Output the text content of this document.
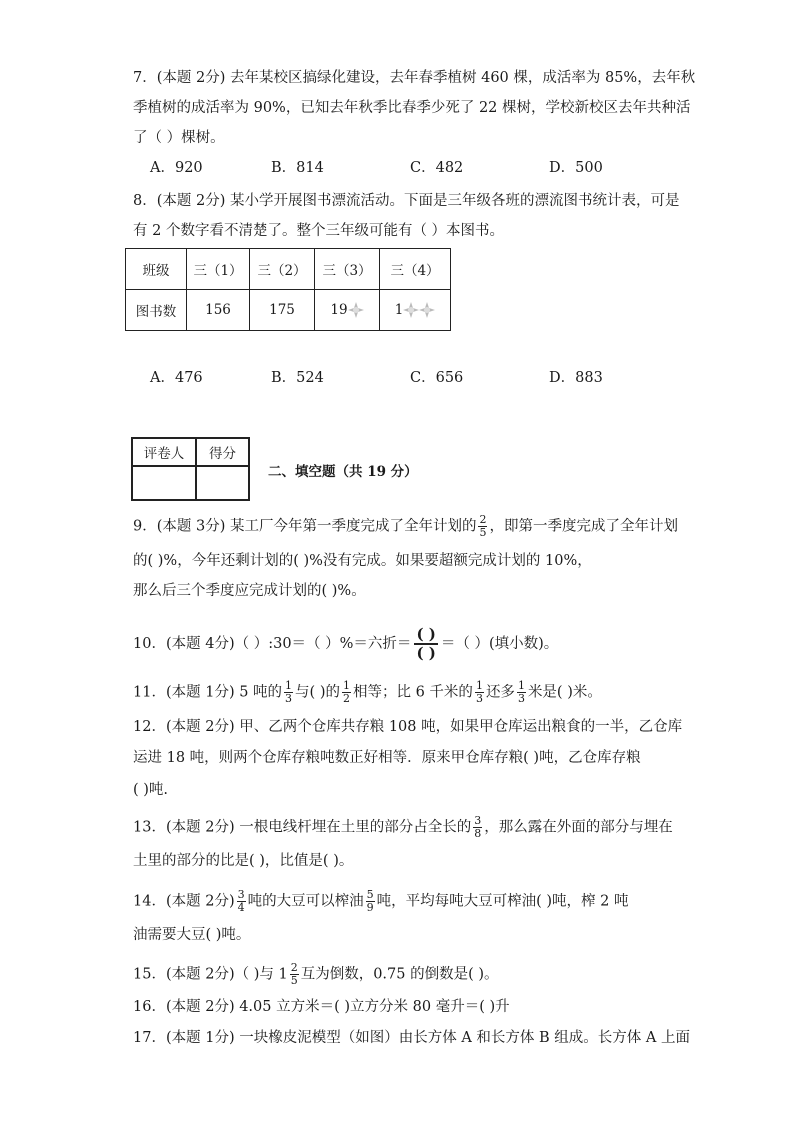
7．(本题 2分) 去年某校区搞绿化建设，去年春季植树 460 棵，成活率为 85%，去年秋
季植树的成活率为 90%，已知去年秋季比春季少死了 22 棵树，学校新校区去年共种活
了（ ）棵树。
A．920	B．814	C．482	D．500
8．(本题 2分) 某小学开展图书漂流活动。下面是三年级各班的漂流图书统计表，可是
有 2 个数字看不清楚了。整个三年级可能有（ ）本图书。
班级	三（1）	三（2）	三（3）	三（4）
图书数	156	175	19	1
A．476	B．524	C．656	D．883
评卷人	得分

二、填空题（共 19 分）
9．(本题 3分) 某工厂今年第一季度完成了全年计划的 $\frac{2}{5}$ ，即第一季度完成了全年计划
的( )%，今年还剩计划的( )%没有完成。如果要超额完成计划的 10%，
那么后三个季度应完成计划的( )%。
10．(本题 4分)（ ）:30＝（ ）%＝六折＝ $\frac{( )}{( )}$ ＝（ ）(填小数)。
11．(本题 1分) 5 吨的 $\frac{1}{3}$ 与( )的 $\frac{1}{2}$ 相等；比 6 千米的 $\frac{1}{3}$ 还多 $\frac{1}{3}$ 米是( )米。
12．(本题 2分) 甲、乙两个仓库共存粮 108 吨，如果甲仓库运出粮食的一半，乙仓库
运进 18 吨，则两个仓库存粮吨数正好相等．原来甲仓库存粮( )吨，乙仓库存粮
( )吨.
13．(本题 2分) 一根电线杆埋在土里的部分占全长的 $\frac{3}{8}$ ，那么露在外面的部分与埋在
土里的部分的比是( )，比值是( )。
14．(本题 2分) $\frac{3}{4}$ 吨的大豆可以榨油 $\frac{5}{9}$ 吨，平均每吨大豆可榨油( )吨，榨 2 吨
油需要大豆( )吨。
15．(本题 2分)（ )与 $1 \frac{2}{5}$ 互为倒数，0.75 的倒数是( )。
16．(本题 2分) 4.05 立方米＝( )立方分米 80 毫升＝( )升
17．(本题 1分) 一块橡皮泥模型（如图）由长方体 A 和长方体 B 组成。长方体 A 上面
